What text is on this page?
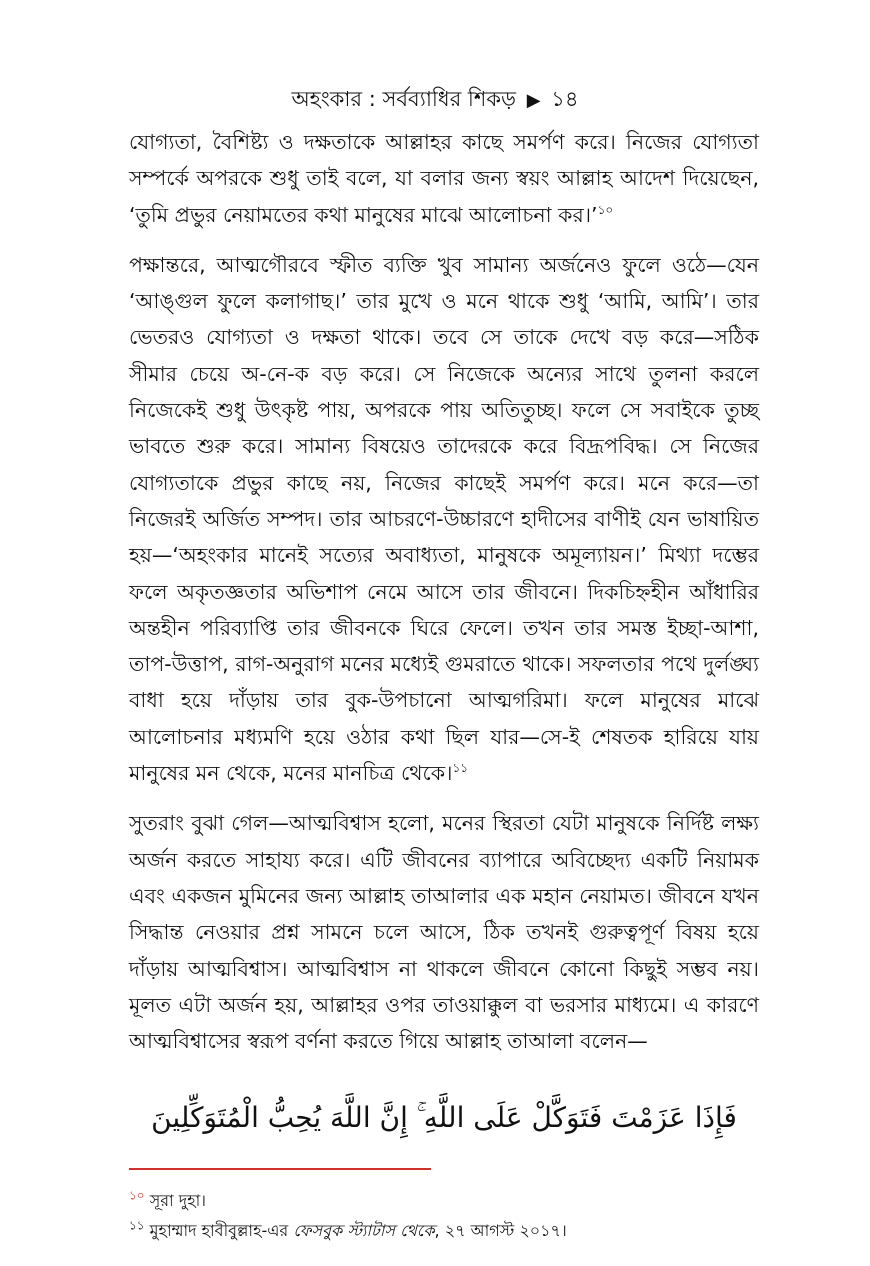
অহংকার : সর্বব্যাধির শিকড় ▶ ১৪

যোগ্যতা, বৈশিষ্ট্য ও দক্ষতাকে আল্লাহর কাছে সমর্পণ করে। নিজের যোগ্যতা সম্পর্কে অপরকে শুধু তাই বলে, যা বলার জন্য স্বয়ং আল্লাহ আদেশ দিয়েছেন, ‘তুমি প্রভুর নেয়ামতের কথা মানুষের মাঝে আলোচনা কর।’$^{১০}$

পক্ষান্তরে, আত্মগৌরবে স্ফীত ব্যক্তি খুব সামান্য অর্জনেও ফুলে ওঠে—যেন ‘আঙ্গুল ফুলে কলাগাছ।’ তার মুখে ও মনে থাকে শুধু ‘আমি, আমি’। তার ভেতরও যোগ্যতা ও দক্ষতা থাকে। তবে সে তাকে দেখে বড় করে—সঠিক সীমার চেয়ে অ-নে-ক বড় করে। সে নিজেকে অন্যের সাথে তুলনা করলে নিজেকেই শুধু উৎকৃষ্ট পায়, অপরকে পায় অতিতুচ্ছ। ফলে সে সবাইকে তুচ্ছ ভাবতে শুরু করে। সামান্য বিষয়েও তাদেরকে করে বিদ্রূপবিদ্ধ। সে নিজের যোগ্যতাকে প্রভুর কাছে নয়, নিজের কাছেই সমর্পণ করে। মনে করে—তা নিজেরই অর্জিত সম্পদ। তার আচরণে-উচ্চারণে হাদীসের বাণীই যেন ভাষায়িত হয়—‘অহংকার মানেই সত্যের অবাধ্যতা, মানুষকে অমূল্যায়ন।’ মিথ্যা দম্ভের ফলে অকৃতজ্ঞতার অভিশাপ নেমে আসে তার জীবনে। দিকচিহ্নহীন আঁধারির অন্তহীন পরিব্যাপ্তি তার জীবনকে ঘিরে ফেলে। তখন তার সমস্ত ইচ্ছা-আশা, তাপ-উত্তাপ, রাগ-অনুরাগ মনের মধ্যেই গুমরাতে থাকে। সফলতার পথে দুর্লঙ্ঘ্য বাধা হয়ে দাঁড়ায় তার বুক-উপচানো আত্মগরিমা। ফলে মানুষের মাঝে আলোচনার মধ্যমণি হয়ে ওঠার কথা ছিল যার—সে-ই শেষতক হারিয়ে যায় মানুষের মন থেকে, মনের মানচিত্র থেকে।$^{১১}$

সুতরাং বুঝা গেল—আত্মবিশ্বাস হলো, মনের স্থিরতা যেটা মানুষকে নির্দিষ্ট লক্ষ্য অর্জন করতে সাহায্য করে। এটি জীবনের ব্যাপারে অবিচ্ছেদ্য একটি নিয়ামক এবং একজন মুমিনের জন্য আল্লাহ তাআলার এক মহান নেয়ামত। জীবনে যখন সিদ্ধান্ত নেওয়ার প্রশ্ন সামনে চলে আসে, ঠিক তখনই গুরুত্বপূর্ণ বিষয় হয়ে দাঁড়ায় আত্মবিশ্বাস। আত্মবিশ্বাস না থাকলে জীবনে কোনো কিছুই সম্ভব নয়। মূলত এটা অর্জন হয়, আল্লাহর ওপর তাওয়াক্কুল বা ভরসার মাধ্যমে। এ কারণে আত্মবিশ্বাসের স্বরূপ বর্ণনা করতে গিয়ে আল্লাহ তাআলা বলেন—

فَإِذَا عَزَمْتَ فَتَوَكَّلْ عَلَى اللَّهِ ۚ إِنَّ اللَّهَ يُحِبُّ الْمُتَوَكِّلِينَ
$^{১০}$ সূরা দুহা।
$^{১১}$ মুহাম্মাদ হাবীবুল্লাহ-এর ফেসবুক স্ট্যাটাস থেকে, ২৭ আগস্ট ২০১৭।
